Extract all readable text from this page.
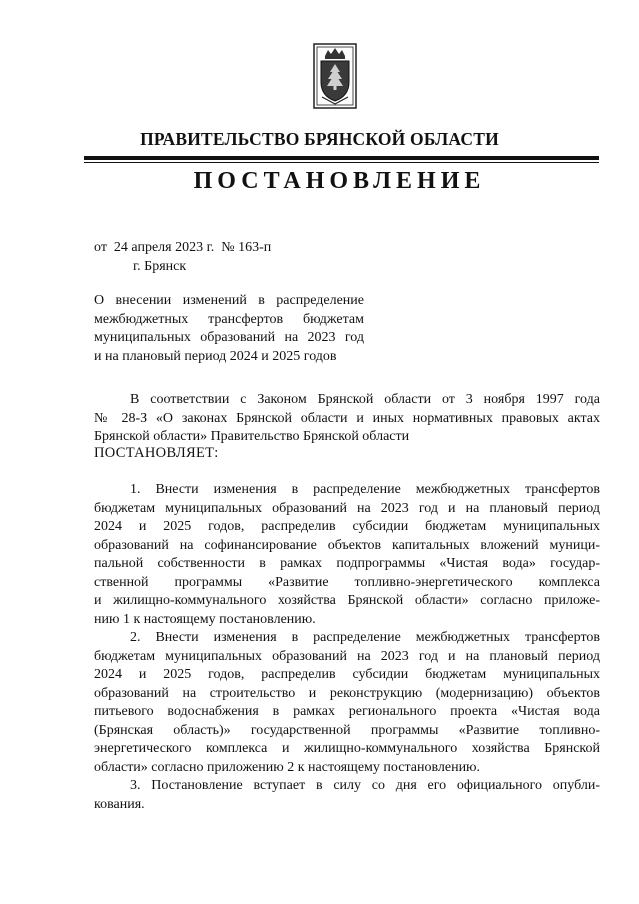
ПРАВИТЕЛЬСТВО БРЯНСКОЙ ОБЛАСТИ
ПОСТАНОВЛЕНИЕ
от  24 апреля 2023 г.  № 163-п
г. Брянск
О внесении изменений в распределение
межбюджетных трансфертов бюджетам
муниципальных образований на 2023 год
и на плановый период 2024 и 2025 годов
В соответствии с Законом Брянской области от 3 ноября 1997 года
№ 28-З «О законах Брянской области и иных нормативных правовых актах
Брянской области» Правительство Брянской области
ПОСТАНОВЛЯЕТ:
1. Внести изменения в распределение межбюджетных трансфертов
бюджетам муниципальных образований на 2023 год и на плановый период
2024 и 2025 годов, распределив субсидии бюджетам муниципальных
образований на софинансирование объектов капитальных вложений муници-
пальной собственности в рамках подпрограммы «Чистая вода» государ-
ственной программы «Развитие топливно-энергетического комплекса
и жилищно-коммунального хозяйства Брянской области» согласно приложе-
нию 1 к настоящему постановлению.
2. Внести изменения в распределение межбюджетных трансфертов
бюджетам муниципальных образований на 2023 год и на плановый период
2024 и 2025 годов, распределив субсидии бюджетам муниципальных
образований на строительство и реконструкцию (модернизацию) объектов
питьевого водоснабжения в рамках регионального проекта «Чистая вода
(Брянская область)» государственной программы «Развитие топливно-
энергетического комплекса и жилищно-коммунального хозяйства Брянской
области» согласно приложению 2 к настоящему постановлению.
3. Постановление вступает в силу со дня его официального опубли-
кования.
